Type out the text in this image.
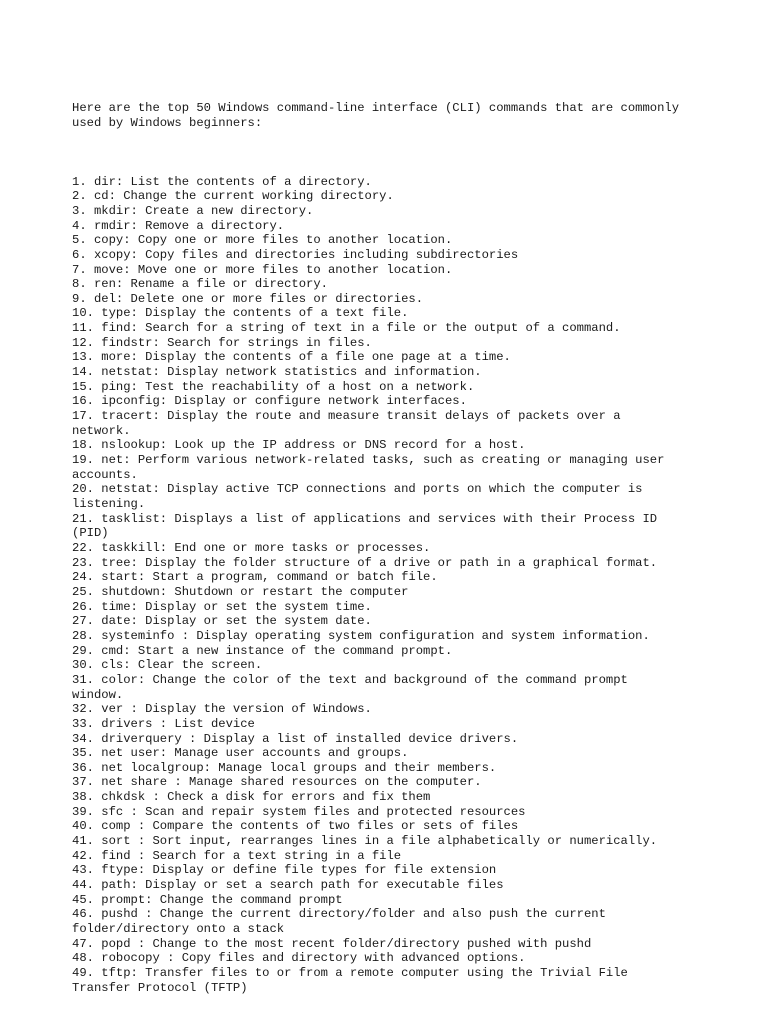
Here are the top 50 Windows command-line interface (CLI) commands that are commonly
used by Windows beginners:

1. dir: List the contents of a directory.

2. cd: Change the current working directory.

3. mkdir: Create a new directory.

4. rmdir: Remove a directory.

5. copy: Copy one or more files to another location.

6. xcopy: Copy files and directories including subdirectories

7. move: Move one or more files to another location.

8. ren: Rename a file or directory.

9. del: Delete one or more files or directories.

10. type: Display the contents of a text file.

11. find: Search for a string of text in a file or the output of a command.

12. findstr: Search for strings in files.

13. more: Display the contents of a file one page at a time.

14. netstat: Display network statistics and information.

15. ping: Test the reachability of a host on a network.

16. ipconfig: Display or configure network interfaces.

17. tracert: Display the route and measure transit delays of packets over a
network.

18. nslookup: Look up the IP address or DNS record for a host.

19. net: Perform various network-related tasks, such as creating or managing user
accounts.

20. netstat: Display active TCP connections and ports on which the computer is
listening.

21. tasklist: Displays a list of applications and services with their Process ID
(PID)

22. taskkill: End one or more tasks or processes.

23. tree: Display the folder structure of a drive or path in a graphical format.

24. start: Start a program, command or batch file.

25. shutdown: Shutdown or restart the computer

26. time: Display or set the system time.

27. date: Display or set the system date.

28. systeminfo : Display operating system configuration and system information.

29. cmd: Start a new instance of the command prompt.

30. cls: Clear the screen.

31. color: Change the color of the text and background of the command prompt
window.

32. ver : Display the version of Windows.

33. drivers : List device

34. driverquery : Display a list of installed device drivers.

35. net user: Manage user accounts and groups.

36. net localgroup: Manage local groups and their members.

37. net share : Manage shared resources on the computer.

38. chkdsk : Check a disk for errors and fix them

39. sfc : Scan and repair system files and protected resources

40. comp : Compare the contents of two files or sets of files

41. sort : Sort input, rearranges lines in a file alphabetically or numerically.

42. find : Search for a text string in a file

43. ftype: Display or define file types for file extension

44. path: Display or set a search path for executable files

45. prompt: Change the command prompt

46. pushd : Change the current directory/folder and also push the current
folder/directory onto a stack

47. popd : Change to the most recent folder/directory pushed with pushd

48. robocopy : Copy files and directory with advanced options.

49. tftp: Transfer files to or from a remote computer using the Trivial File
Transfer Protocol (TFTP)
